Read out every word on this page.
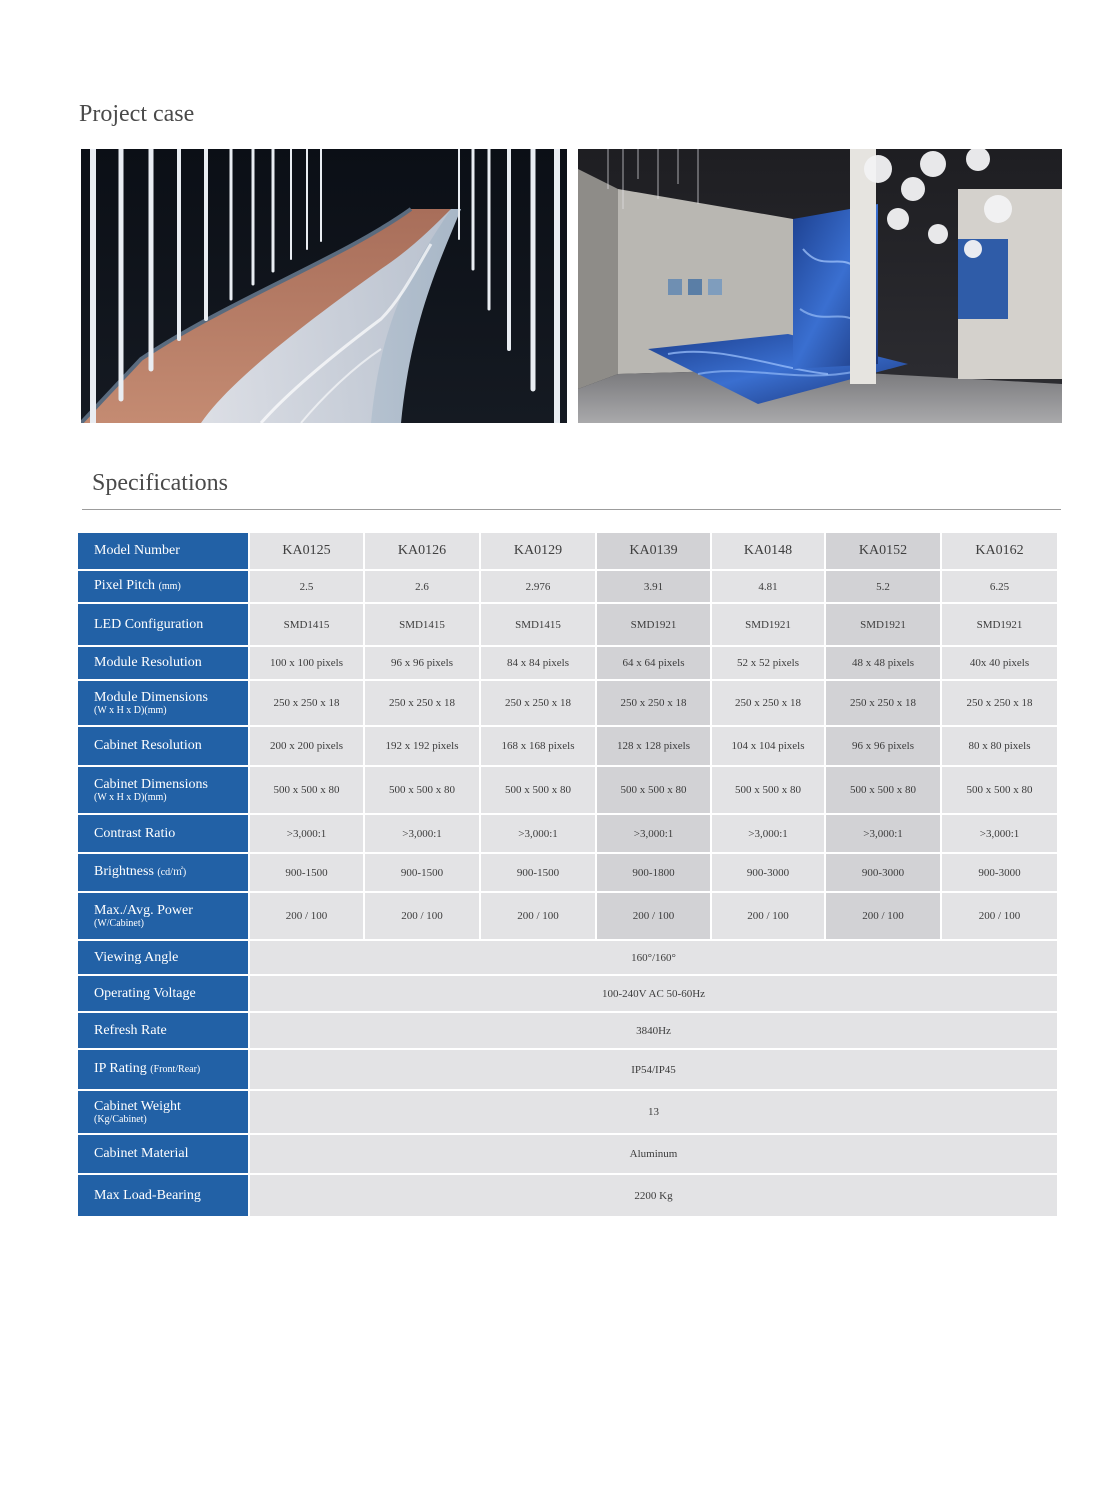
Project case
Specifications
Model Number	KA0125	KA0126	KA0129	KA0139	KA0148	KA0152	KA0162
Pixel Pitch (mm)	2.5	2.6	2.976	3.91	4.81	5.2	6.25
LED Configuration	SMD1415	SMD1415	SMD1415	SMD1921	SMD1921	SMD1921	SMD1921
Module Resolution	100 x 100 pixels	96 x 96 pixels	84 x 84 pixels	64 x 64 pixels	52 x 52 pixels	48 x 48 pixels	40x 40 pixels
Module Dimensions
(W x H x D)(mm)	250 x 250 x 18	250 x 250 x 18	250 x 250 x 18	250 x 250 x 18	250 x 250 x 18	250 x 250 x 18	250 x 250 x 18
Cabinet Resolution	200 x 200 pixels	192 x 192 pixels	168 x 168 pixels	128 x 128 pixels	104 x 104 pixels	96 x 96 pixels	80 x 80 pixels
Cabinet Dimensions
(W x H x D)(mm)	500 x 500 x 80	500 x 500 x 80	500 x 500 x 80	500 x 500 x 80	500 x 500 x 80	500 x 500 x 80	500 x 500 x 80
Contrast Ratio	>3,000:1	>3,000:1	>3,000:1	>3,000:1	>3,000:1	>3,000:1	>3,000:1
Brightness (cd/㎡)	900-1500	900-1500	900-1500	900-1800	900-3000	900-3000	900-3000
Max./Avg. Power
(W/Cabinet)	200 / 100	200 / 100	200 / 100	200 / 100	200 / 100	200 / 100	200 / 100
Viewing Angle	160°/160°						
Operating Voltage	100-240V AC 50-60Hz						
Refresh Rate	3840Hz						
IP Rating (Front/Rear)	IP54/IP45						
Cabinet Weight
(Kg/Cabinet)	13						
Cabinet Material	Aluminum						
Max Load-Bearing	2200 Kg						
